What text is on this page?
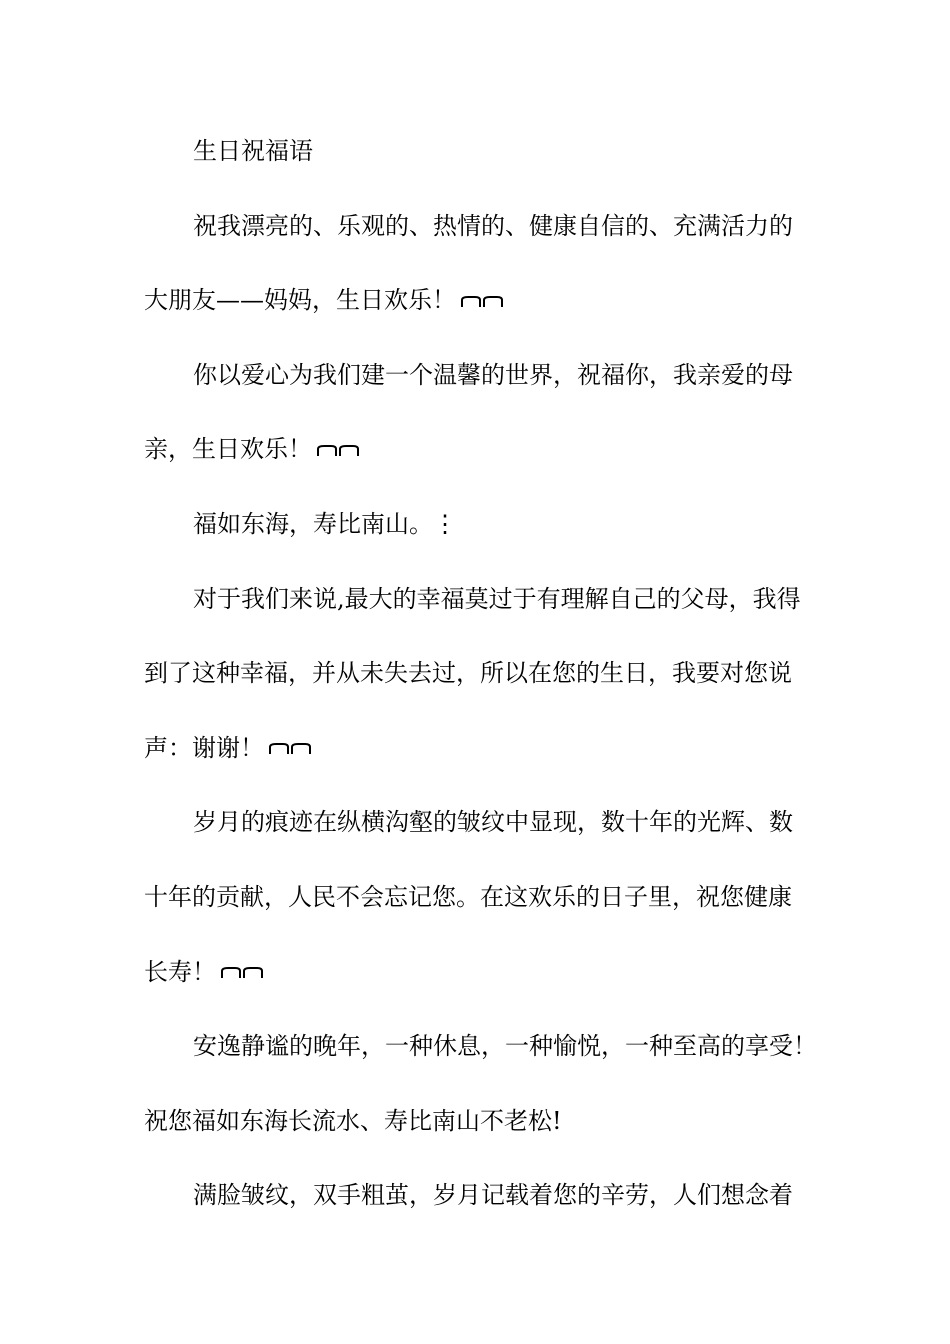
生日祝福语
祝我漂亮的、乐观的、热情的、健康自信的、充满活力的
大朋友——妈妈，生日欢乐！
你以爱心为我们建一个温馨的世界，祝福你，我亲爱的母
亲，生日欢乐！
福如东海，寿比南山。⋮
对于我们来说,最大的幸福莫过于有理解自己的父母，我得
到了这种幸福，并从未失去过，所以在您的生日，我要对您说
声：谢谢！
岁月的痕迹在纵横沟壑的皱纹中显现，数十年的光辉、数
十年的贡献，人民不会忘记您。在这欢乐的日子里，祝您健康
长寿！
安逸静谧的晚年，一种休息，一种愉悦，一种至高的享受！
祝您福如东海长流水、寿比南山不老松!
满脸皱纹，双手粗茧，岁月记载着您的辛劳，人们想念着
